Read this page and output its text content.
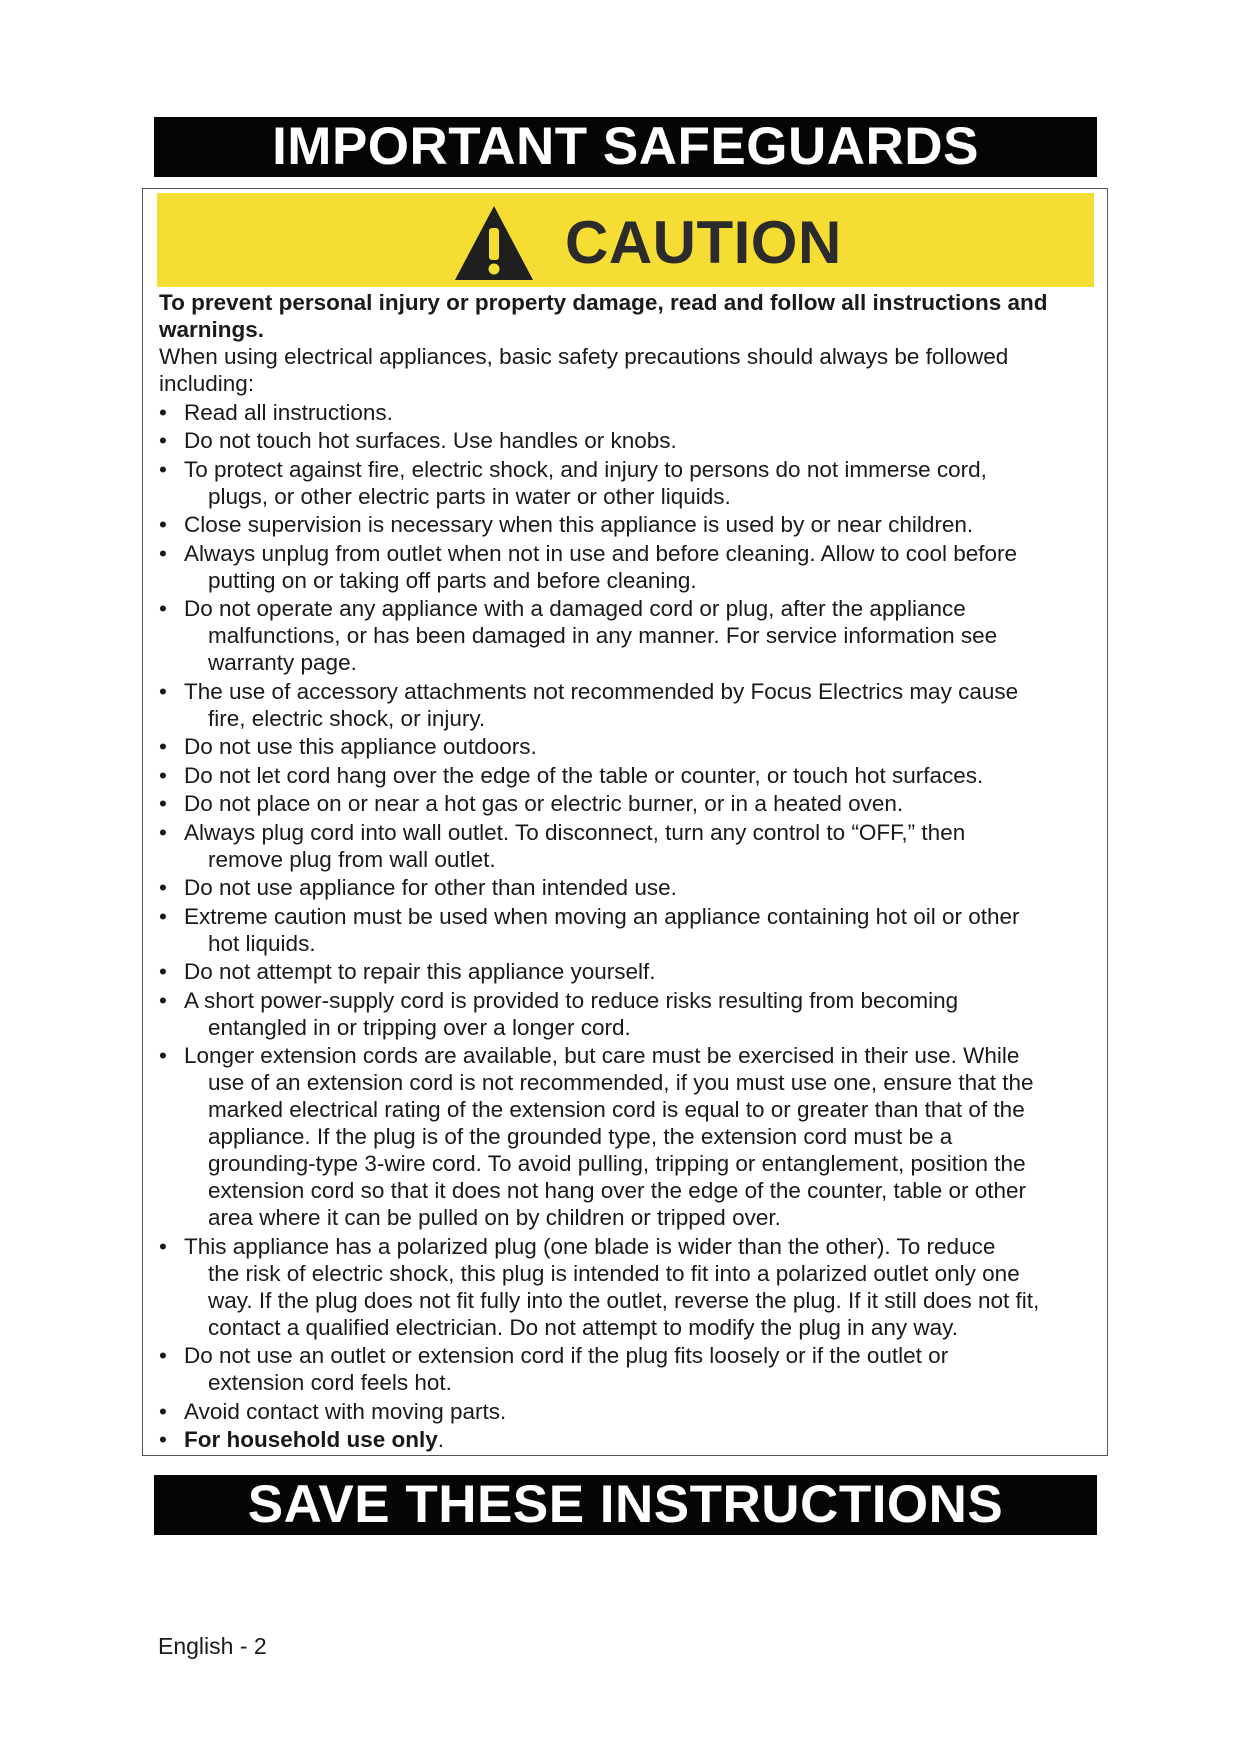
IMPORTANT SAFEGUARDS
CAUTION

To prevent personal injury or property damage, read and follow all instructions and warnings.

When using electrical appliances, basic safety precautions should always be followed including:

• Read all instructions.
• Do not touch hot surfaces. Use handles or knobs.
• To protect against fire, electric shock, and injury to persons do not immerse cord,
plugs, or other electric parts in water or other liquids.
• Close supervision is necessary when this appliance is used by or near children.
• Always unplug from outlet when not in use and before cleaning. Allow to cool before
putting on or taking off parts and before cleaning.
• Do not operate any appliance with a damaged cord or plug, after the appliance
malfunctions, or has been damaged in any manner. For service information see
warranty page.
• The use of accessory attachments not recommended by Focus Electrics may cause
fire, electric shock, or injury.
• Do not use this appliance outdoors.
• Do not let cord hang over the edge of the table or counter, or touch hot surfaces.
• Do not place on or near a hot gas or electric burner, or in a heated oven.
• Always plug cord into wall outlet. To disconnect, turn any control to “OFF,” then
remove plug from wall outlet.
• Do not use appliance for other than intended use.
• Extreme caution must be used when moving an appliance containing hot oil or other
hot liquids.
• Do not attempt to repair this appliance yourself.
• A short power-supply cord is provided to reduce risks resulting from becoming
entangled in or tripping over a longer cord.
• Longer extension cords are available, but care must be exercised in their use. While
use of an extension cord is not recommended, if you must use one, ensure that the
marked electrical rating of the extension cord is equal to or greater than that of the
appliance. If the plug is of the grounded type, the extension cord must be a
grounding-type 3-wire cord. To avoid pulling, tripping or entanglement, position the
extension cord so that it does not hang over the edge of the counter, table or other
area where it can be pulled on by children or tripped over.
• This appliance has a polarized plug (one blade is wider than the other). To reduce
the risk of electric shock, this plug is intended to fit into a polarized outlet only one
way. If the plug does not fit fully into the outlet, reverse the plug. If it still does not fit,
contact a qualified electrician. Do not attempt to modify the plug in any way.
• Do not use an outlet or extension cord if the plug fits loosely or if the outlet or
extension cord feels hot.
• Avoid contact with moving parts.
• For household use only.
SAVE THESE INSTRUCTIONS
English - 2
